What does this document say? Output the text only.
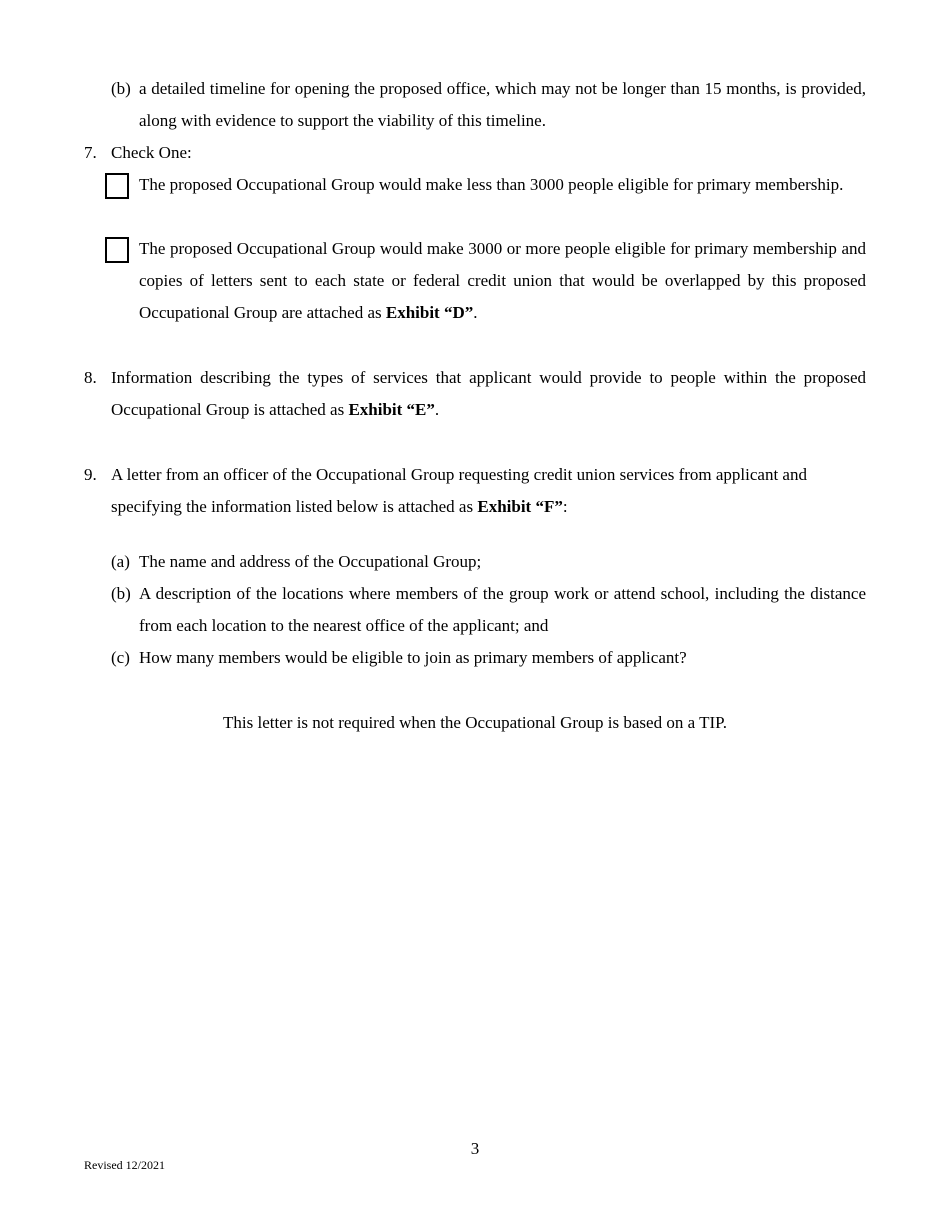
(b) a detailed timeline for opening the proposed office, which may not be longer than 15 months, is provided, along with evidence to support the viability of this timeline.
7. Check One:
The proposed Occupational Group would make less than 3000 people eligible for primary membership.
The proposed Occupational Group would make 3000 or more people eligible for primary membership and copies of letters sent to each state or federal credit union that would be overlapped by this proposed Occupational Group are attached as Exhibit “D”.
8. Information describing the types of services that applicant would provide to people within the proposed Occupational Group is attached as Exhibit “E”.
9. A letter from an officer of the Occupational Group requesting credit union services from applicant and specifying the information listed below is attached as Exhibit “F”:
(a) The name and address of the Occupational Group;
(b) A description of the locations where members of the group work or attend school, including the distance from each location to the nearest office of the applicant; and
(c) How many members would be eligible to join as primary members of applicant?
This letter is not required when the Occupational Group is based on a TIP.
3
Revised 12/2021
